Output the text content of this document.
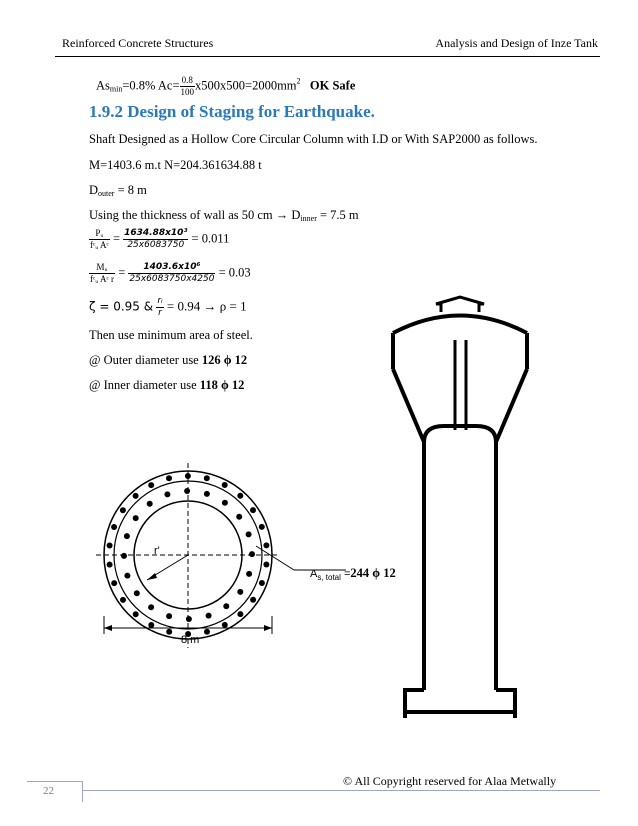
Reinforced Concrete Structures	Analysis and Design of Inze Tank
$As_{min}=0.8\%$ $Ac= \frac{0.8}{100} x500x500=2000mm^2$ OK Safe
1.9.2 Design of Staging for Earthquake.
Shaft Designed as a Hollow Core Circular Column with I.D or With SAP2000 as follows.
M=1403.6 m.t N=204.361634.88 t
$D_{outer} = 8$ m
Using the thickness of wall as 50 cm → $D_{inner} = 7.5$ m
$\frac{\text{Pᵤ}}{\text{fᶜᵤ Aᶜ}} = \frac{\text{1634.88x10³}}{25x6083750} = 0.011$
$\frac{\text{Mᵤ}}{\text{fᶜᵤ Aᶜ r}} = \frac{\text{1403.6x10⁶}}{25x6083750x4250} = 0.03$
ζ = 0.95 & $\frac{\text{rᵢ}}{r} = 0.94 \to \rho = 1$
Then use minimum area of steel.
@ Outer diameter use 126 ϕ 12
@ Inner diameter use 118 ϕ 12
r'
8 m
$A_{s, total} =244$ ϕ 12
22
© All Copyright reserved for Alaa Metwally
